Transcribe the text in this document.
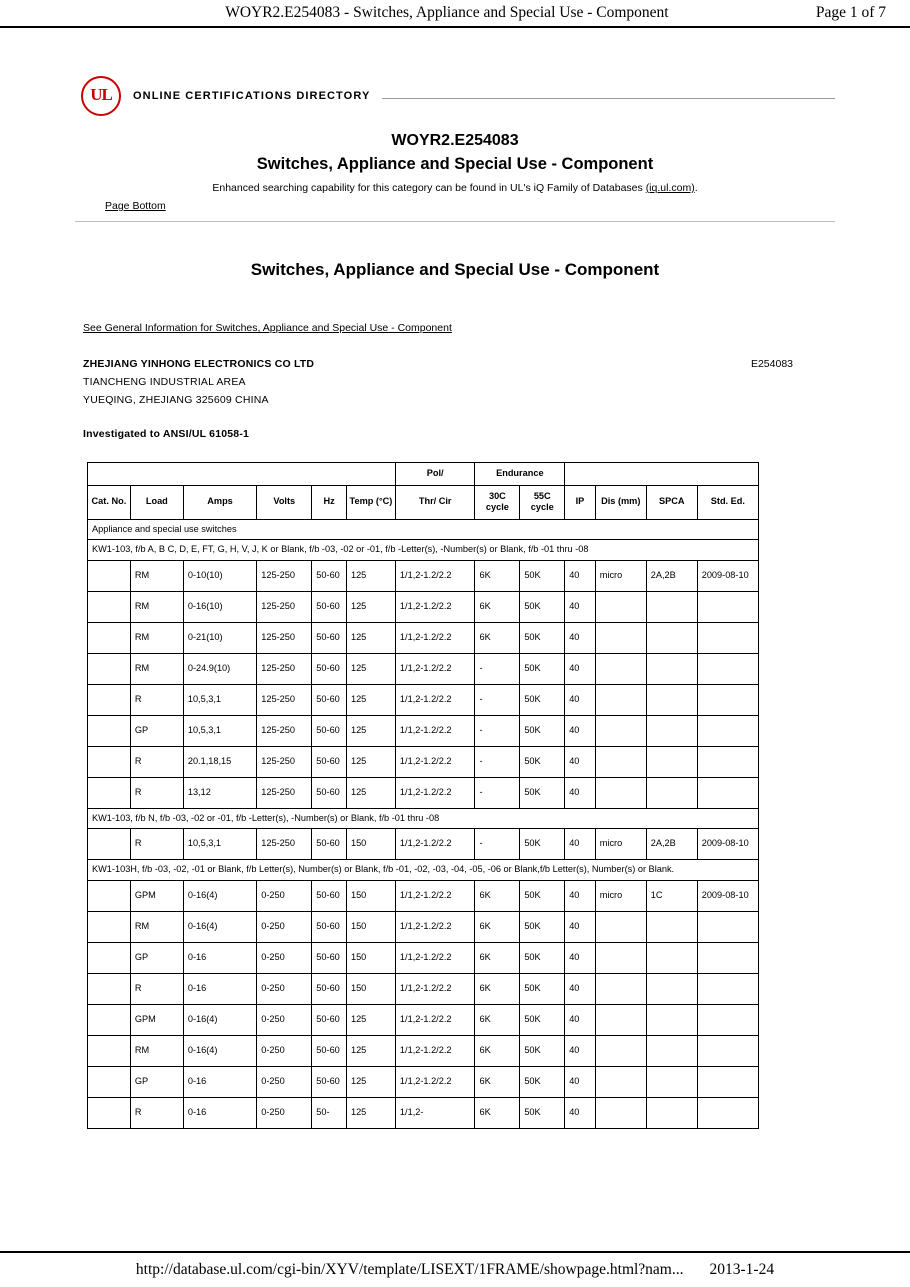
WOYR2.E254083 - Switches, Appliance and Special Use - Component	Page 1 of 7
UL ONLINE CERTIFICATIONS DIRECTORY
WOYR2.E254083
Switches, Appliance and Special Use - Component
Enhanced searching capability for this category can be found in UL's iQ Family of Databases (iq.ul.com).
Page Bottom
Switches, Appliance and Special Use - Component
See General Information for Switches, Appliance and Special Use - Component
ZHEJIANG YINHONG ELECTRONICS CO LTD
TIANCHENG INDUSTRIAL AREA
YUEQING, ZHEJIANG 325609 CHINA
E254083
Investigated to ANSI/UL 61058-1
						Pol/	Endurance					
Cat. No.	Load	Amps	Volts	Hz	Temp (°C)	Thr/ Cir	30C cycle	55C cycle	IP	Dis (mm)	SPCA	Std. Ed.
Appliance and special use switches												
KW1-103, f/b A, B C, D, E, FT, G, H, V, J, K or Blank, f/b -03, -02 or -01, f/b -Letter(s), -Number(s) or Blank, f/b -01 thru -08												
	RM	0-10(10)	125-250	50-60	125	1/1,2-1.2/2.2	6K	50K	40	micro	2A,2B	2009-08-10
	RM	0-16(10)	125-250	50-60	125	1/1,2-1.2/2.2	6K	50K	40			
	RM	0-21(10)	125-250	50-60	125	1/1,2-1.2/2.2	6K	50K	40			
	RM	0-24.9(10)	125-250	50-60	125	1/1,2-1.2/2.2	-	50K	40			
	R	10,5,3,1	125-250	50-60	125	1/1,2-1.2/2.2	-	50K	40			
	GP	10,5,3,1	125-250	50-60	125	1/1,2-1.2/2.2	-	50K	40			
	R	20.1,18,15	125-250	50-60	125	1/1,2-1.2/2.2	-	50K	40			
	R	13,12	125-250	50-60	125	1/1,2-1.2/2.2	-	50K	40			
KW1-103, f/b N, f/b -03, -02 or -01, f/b -Letter(s), -Number(s) or Blank, f/b -01 thru -08												
	R	10,5,3,1	125-250	50-60	150	1/1,2-1.2/2.2	-	50K	40	micro	2A,2B	2009-08-10
KW1-103H, f/b -03, -02, -01 or Blank, f/b Letter(s), Number(s) or Blank, f/b -01, -02, -03, -04, -05, -06 or Blank,f/b Letter(s), Number(s) or Blank.												
	GPM	0-16(4)	0-250	50-60	150	1/1,2-1.2/2.2	6K	50K	40	micro	1C	2009-08-10
	RM	0-16(4)	0-250	50-60	150	1/1,2-1.2/2.2	6K	50K	40			
	GP	0-16	0-250	50-60	150	1/1,2-1.2/2.2	6K	50K	40			
	R	0-16	0-250	50-60	150	1/1,2-1.2/2.2	6K	50K	40			
	GPM	0-16(4)	0-250	50-60	125	1/1,2-1.2/2.2	6K	50K	40			
	RM	0-16(4)	0-250	50-60	125	1/1,2-1.2/2.2	6K	50K	40			
	GP	0-16	0-250	50-60	125	1/1,2-1.2/2.2	6K	50K	40			
	R	0-16	0-250	50-	125	1/1,2-	6K	50K	40			
http://database.ul.com/cgi-bin/XYV/template/LISEXT/1FRAME/showpage.html?nam... 2013-1-24
